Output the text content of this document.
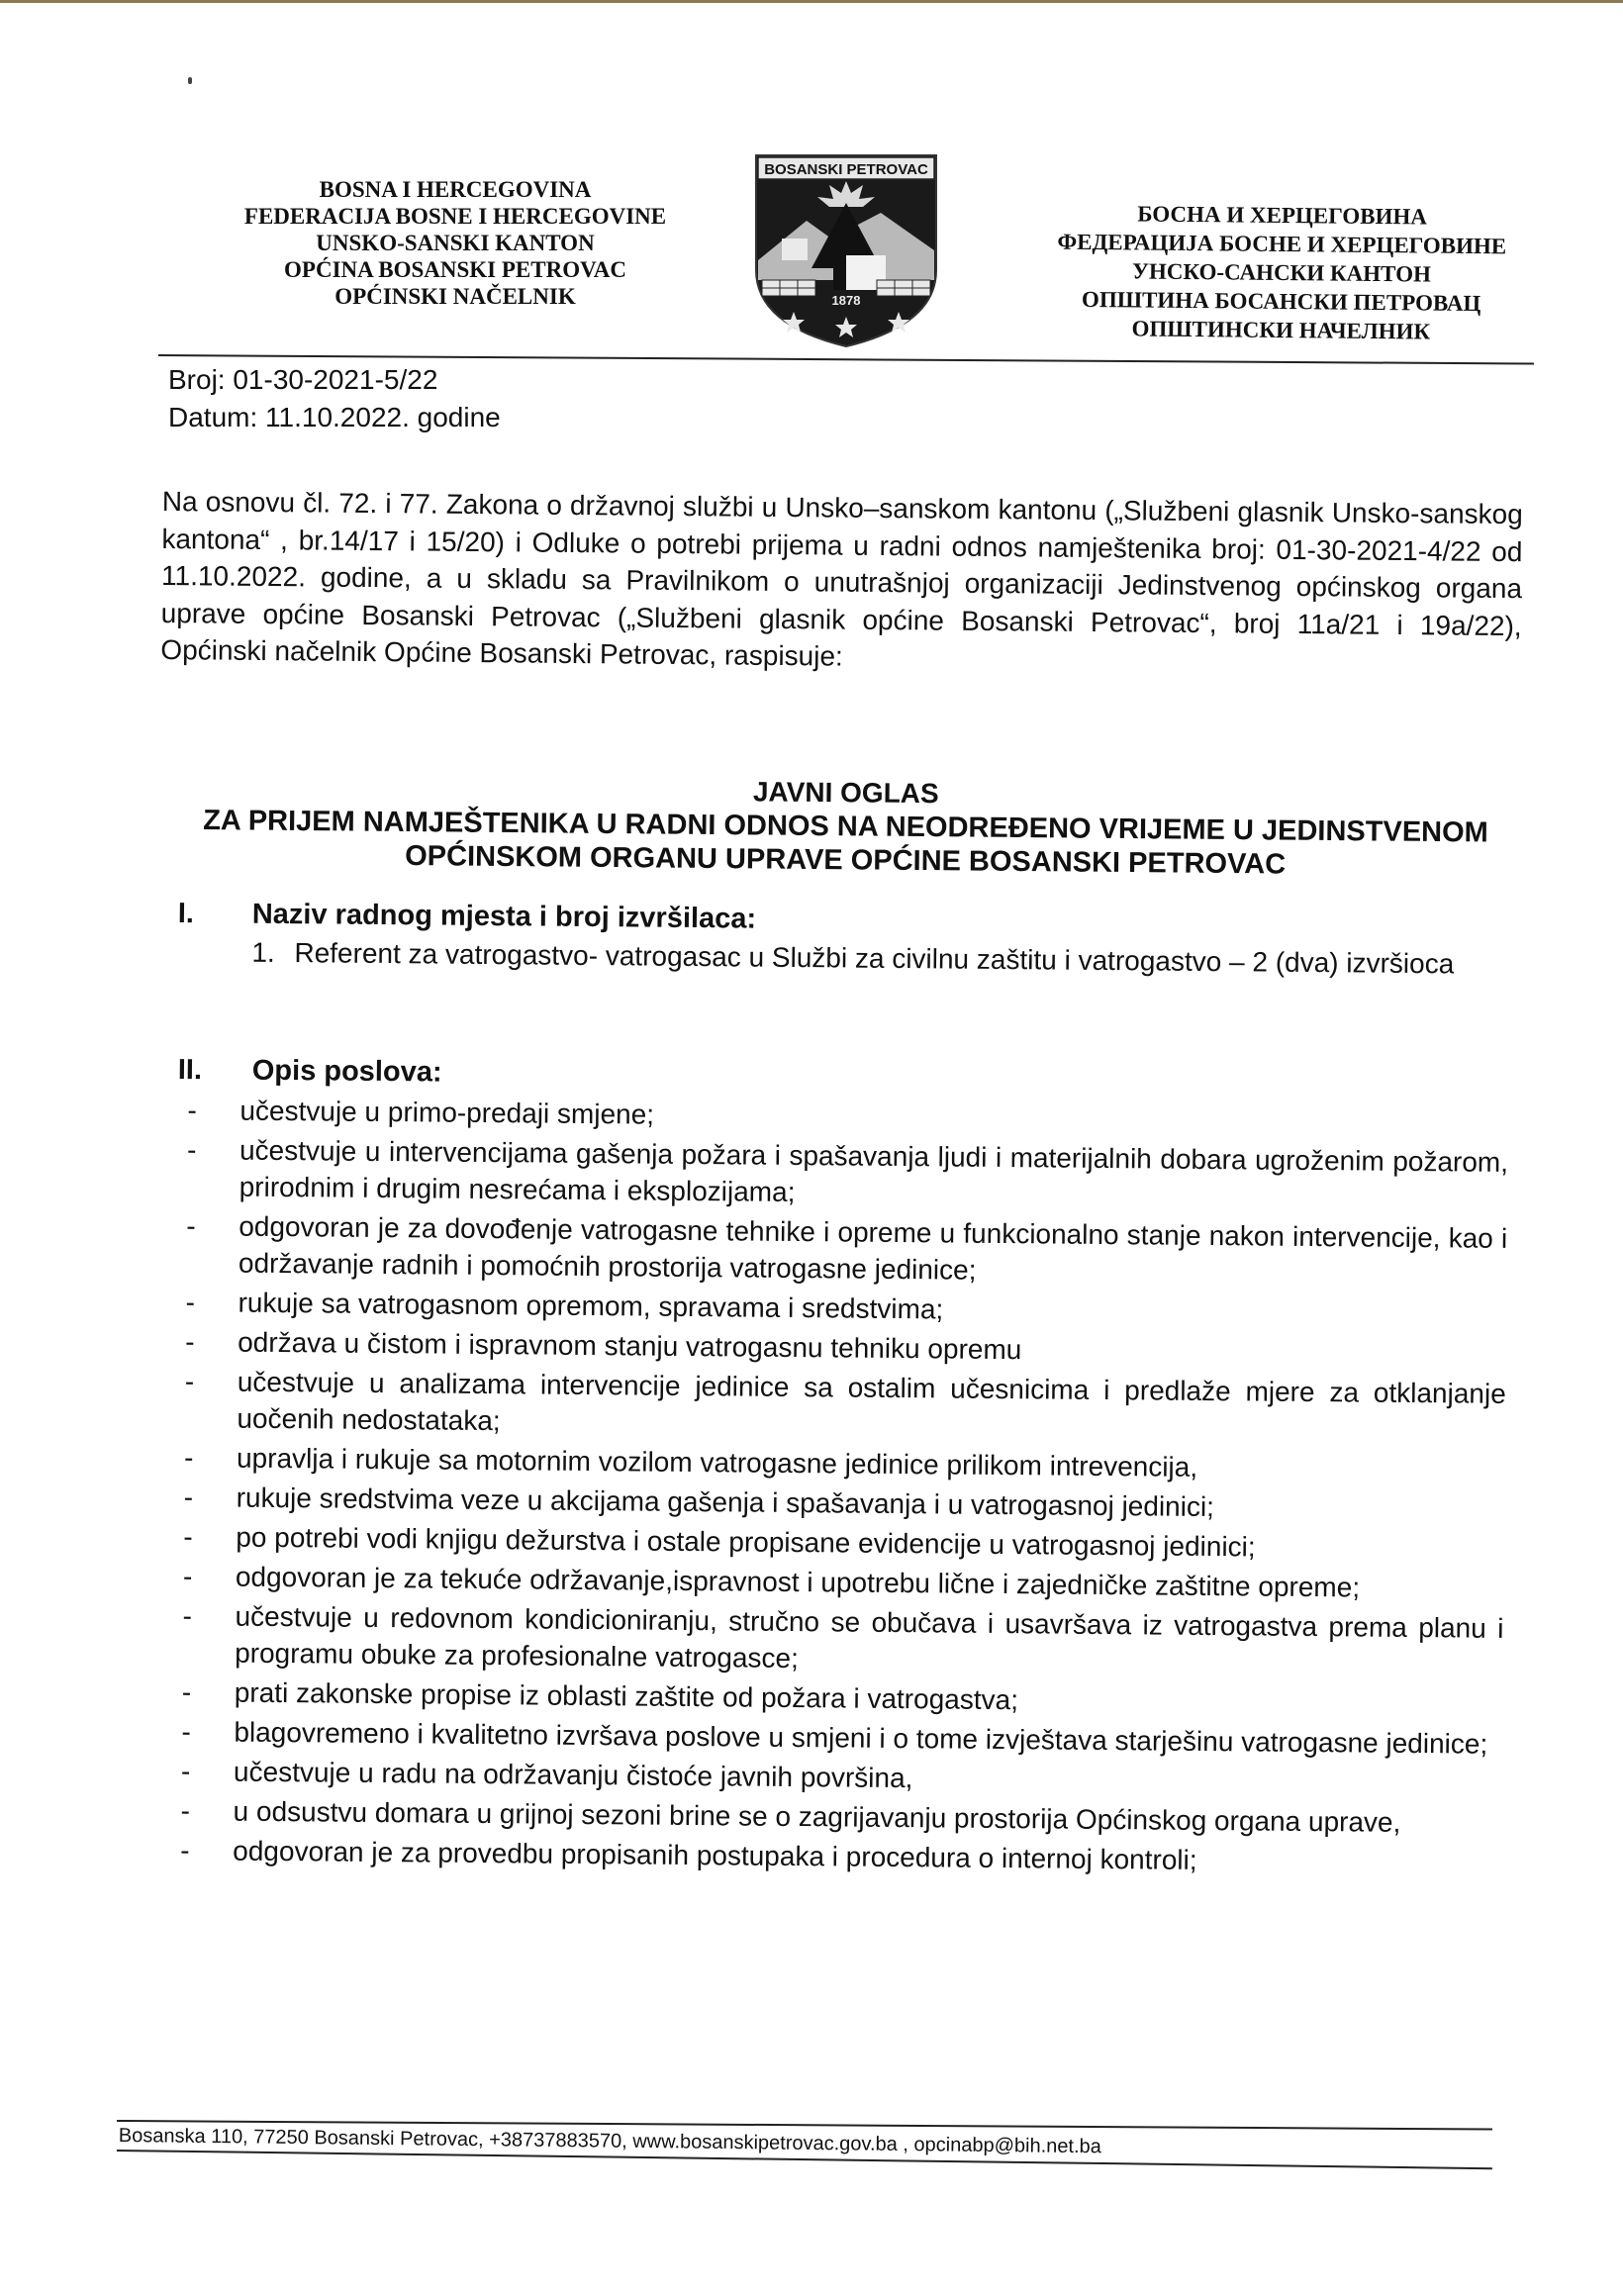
BOSNA I HERCEGOVINA
FEDERACIJA BOSNE I HERCEGOVINE
UNSKO-SANSKI KANTON
OPĆINA BOSANSKI PETROVAC
OPĆINSKI NAČELNIK
BOSANSKI PETROVAC
1878
БОСНА И ХЕРЦЕГОВИНА
ФЕДЕРАЦИЈА БОСНЕ И ХЕРЦЕГОВИНЕ
УНСКО-САНСКИ КАНТОН
ОПШТИНА БОСАНСКИ ПЕТРОВАЦ
ОПШТИНСКИ НАЧЕЛНИК
Broj: 01-30-2021-5/22
Datum: 11.10.2022. godine

Na osnovu čl. 72. i 77. Zakona o državnoj službi u Unsko–sanskom kantonu („Službeni glasnik Unsko-sanskog kantona“ , br.14/17 i 15/20) i Odluke o potrebi prijema u radni odnos namještenika broj: 01-30-2021-4/22 od 11.10.2022. godine, a u skladu sa Pravilnikom o unutrašnjoj organizaciji Jedinstvenog općinskog organa uprave općine Bosanski Petrovac („Službeni glasnik općine Bosanski Petrovac“, broj 11a/21 i 19a/22), Općinski načelnik Općine Bosanski Petrovac, raspisuje:

JAVNI OGLAS
ZA PRIJEM NAMJEŠTENIKA U RADNI ODNOS NA NEODREĐENO VRIJEME U JEDINSTVENOM OPĆINSKOM ORGANU UPRAVE OPĆINE BOSANSKI PETROVAC
I.	Naziv radnog mjesta i broj izvršilaca:
1. Referent za vatrogastvo- vatrogasac u Službi za civilnu zaštitu i vatrogastvo – 2 (dva) izvršioca
II.	Opis poslova:
-	učestvuje u primo-predaji smjene;
-	učestvuje u intervencijama gašenja požara i spašavanja ljudi i materijalnih dobara ugroženim požarom, prirodnim i drugim nesrećama i eksplozijama;
-	odgovoran je za dovođenje vatrogasne tehnike i opreme u funkcionalno stanje nakon intervencije, kao i održavanje radnih i pomoćnih prostorija vatrogasne jedinice;
-	rukuje sa vatrogasnom opremom, spravama i sredstvima;
-	održava u čistom i ispravnom stanju vatrogasnu tehniku opremu
-	učestvuje u analizama intervencije jedinice sa ostalim učesnicima i predlaže mjere za otklanjanje uočenih nedostataka;
-	upravlja i rukuje sa motornim vozilom vatrogasne jedinice prilikom intrevencija,
-	rukuje sredstvima veze u akcijama gašenja i spašavanja i u vatrogasnoj jedinici;
-	po potrebi vodi knjigu dežurstva i ostale propisane evidencije u vatrogasnoj jedinici;
-	odgovoran je za tekuće održavanje,ispravnost i upotrebu lične i zajedničke zaštitne opreme;
-	učestvuje u redovnom kondicioniranju, stručno se obučava i usavršava iz vatrogastva prema planu i programu obuke za profesionalne vatrogasce;
-	prati zakonske propise iz oblasti zaštite od požara i vatrogastva;
-	blagovremeno i kvalitetno izvršava poslove u smjeni i o tome izvještava starješinu vatrogasne jedinice;
-	učestvuje u radu na održavanju čistoće javnih površina,
-	u odsustvu domara u grijnoj sezoni brine se o zagrijavanju prostorija Općinskog organa uprave,
-	odgovoran je za provedbu propisanih postupaka i procedura o internoj kontroli;
Bosanska 110, 77250 Bosanski Petrovac, +38737883570, www.bosanskipetrovac.gov.ba , opcinabp@bih.net.ba
